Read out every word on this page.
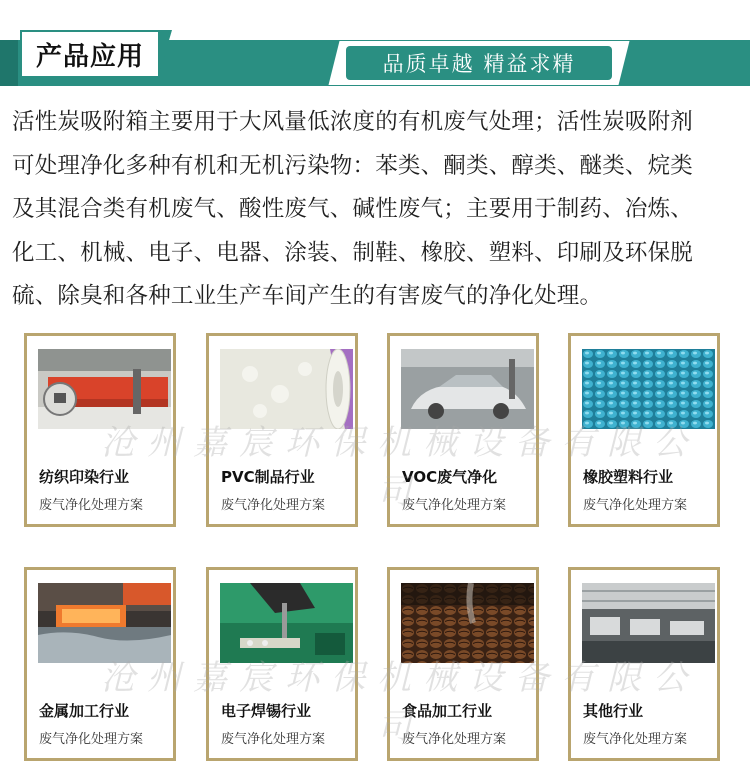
产品应用	品质卓越 精益求精
活性炭吸附箱主要用于大风量低浓度的有机废气处理；活性炭吸附剂
可处理净化多种有机和无机污染物：苯类、酮类、醇类、醚类、烷类
及其混合类有机废气、酸性废气、碱性废气；主要用于制药、冶炼、
化工、机械、电子、电器、涂装、制鞋、橡胶、塑料、印刷及环保脱
硫、除臭和各种工业生产车间产生的有害废气的净化处理。
纺织印染行业
废气净化处理方案
PVC制品行业
废气净化处理方案
VOC废气净化
废气净化处理方案
橡胶塑料行业
废气净化处理方案
金属加工行业
废气净化处理方案
电子焊锡行业
废气净化处理方案
食品加工行业
废气净化处理方案
其他行业
废气净化处理方案
沧州嘉宸环保机械设备有限公司
沧州嘉宸环保机械设备有限公司
